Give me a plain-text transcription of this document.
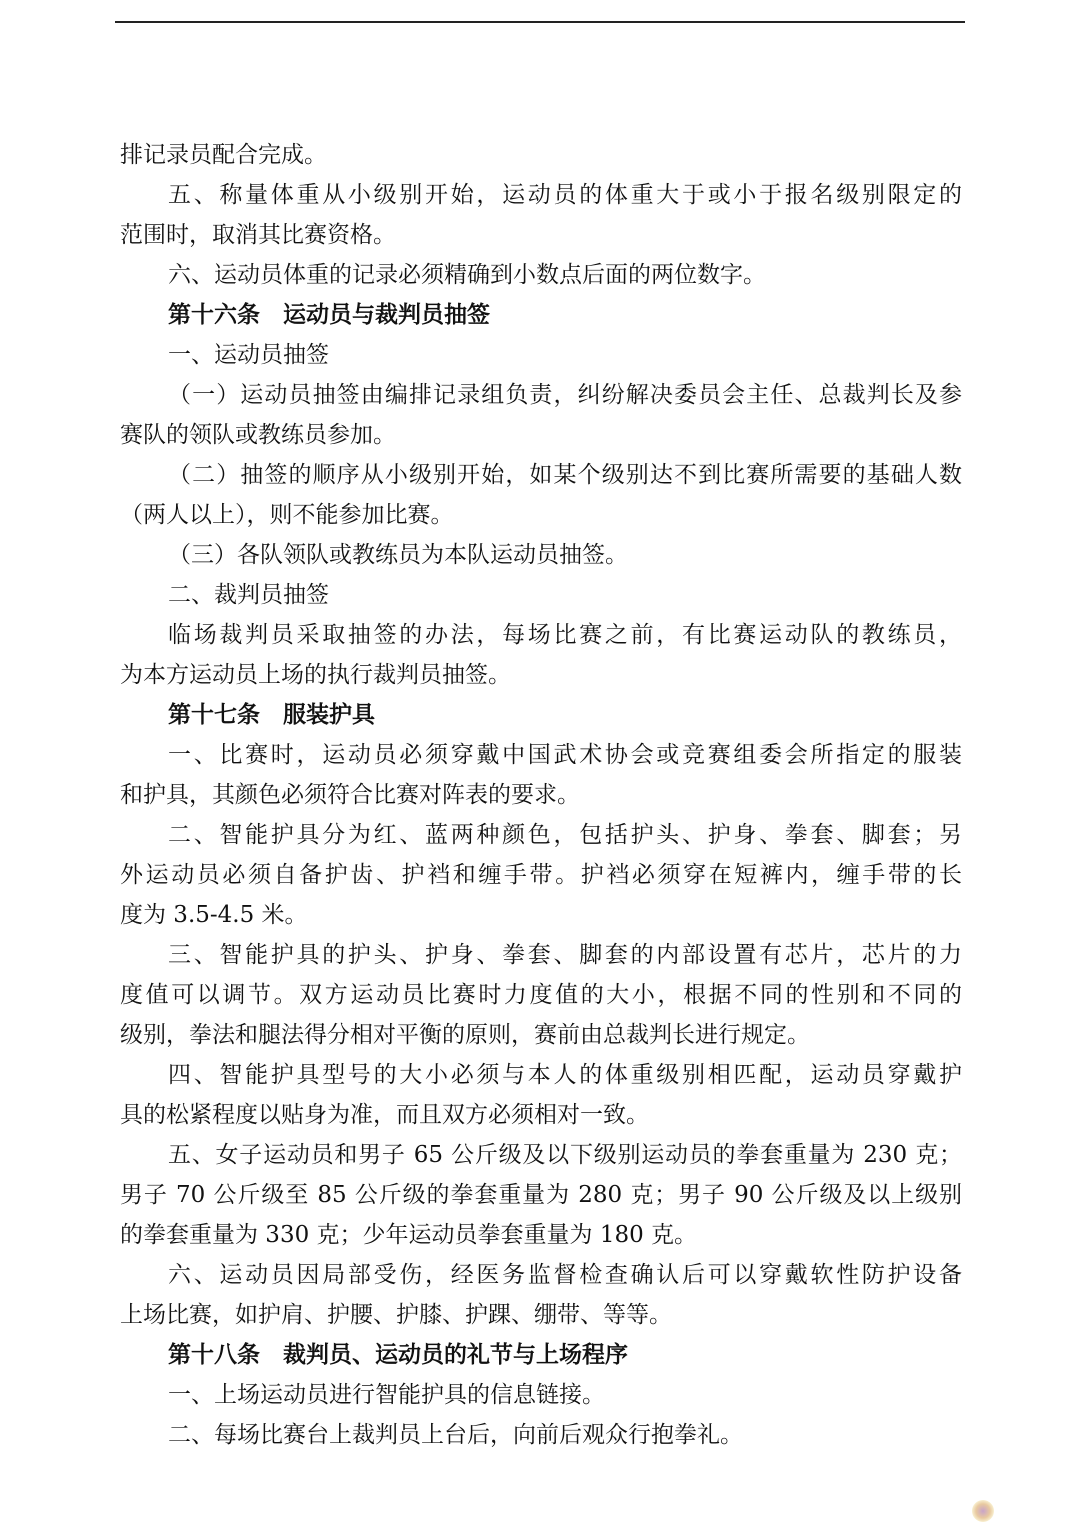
排记录员配合完成。
五、称量体重从小级别开始，运动员的体重大于或小于报名级别限定的
范围时，取消其比赛资格。
六、运动员体重的记录必须精确到小数点后面的两位数字。
第十六条　运动员与裁判员抽签
一、运动员抽签
（一）运动员抽签由编排记录组负责，纠纷解决委员会主任、总裁判长及参
赛队的领队或教练员参加。
（二）抽签的顺序从小级别开始，如某个级别达不到比赛所需要的基础人数
（两人以上），则不能参加比赛。
（三）各队领队或教练员为本队运动员抽签。
二、裁判员抽签
临场裁判员采取抽签的办法，每场比赛之前，有比赛运动队的教练员，
为本方运动员上场的执行裁判员抽签。
第十七条　服装护具
一、比赛时，运动员必须穿戴中国武术协会或竞赛组委会所指定的服装
和护具，其颜色必须符合比赛对阵表的要求。
二、智能护具分为红、蓝两种颜色，包括护头、护身、拳套、脚套；另
外运动员必须自备护齿、护裆和缠手带。护裆必须穿在短裤内，缠手带的长
度为 3.5-4.5 米。
三、智能护具的护头、护身、拳套、脚套的内部设置有芯片，芯片的力
度值可以调节。双方运动员比赛时力度值的大小，根据不同的性别和不同的
级别，拳法和腿法得分相对平衡的原则，赛前由总裁判长进行规定。
四、智能护具型号的大小必须与本人的体重级别相匹配，运动员穿戴护
具的松紧程度以贴身为准，而且双方必须相对一致。
五、女子运动员和男子 65 公斤级及以下级别运动员的拳套重量为 230 克；
男子 70 公斤级至 85 公斤级的拳套重量为 280 克；男子 90 公斤级及以上级别
的拳套重量为 330 克；少年运动员拳套重量为 180 克。
六、运动员因局部受伤，经医务监督检查确认后可以穿戴软性防护设备
上场比赛，如护肩、护腰、护膝、护踝、绷带、等等。
第十八条　裁判员、运动员的礼节与上场程序
一、上场运动员进行智能护具的信息链接。
二、每场比赛台上裁判员上台后，向前后观众行抱拳礼。
